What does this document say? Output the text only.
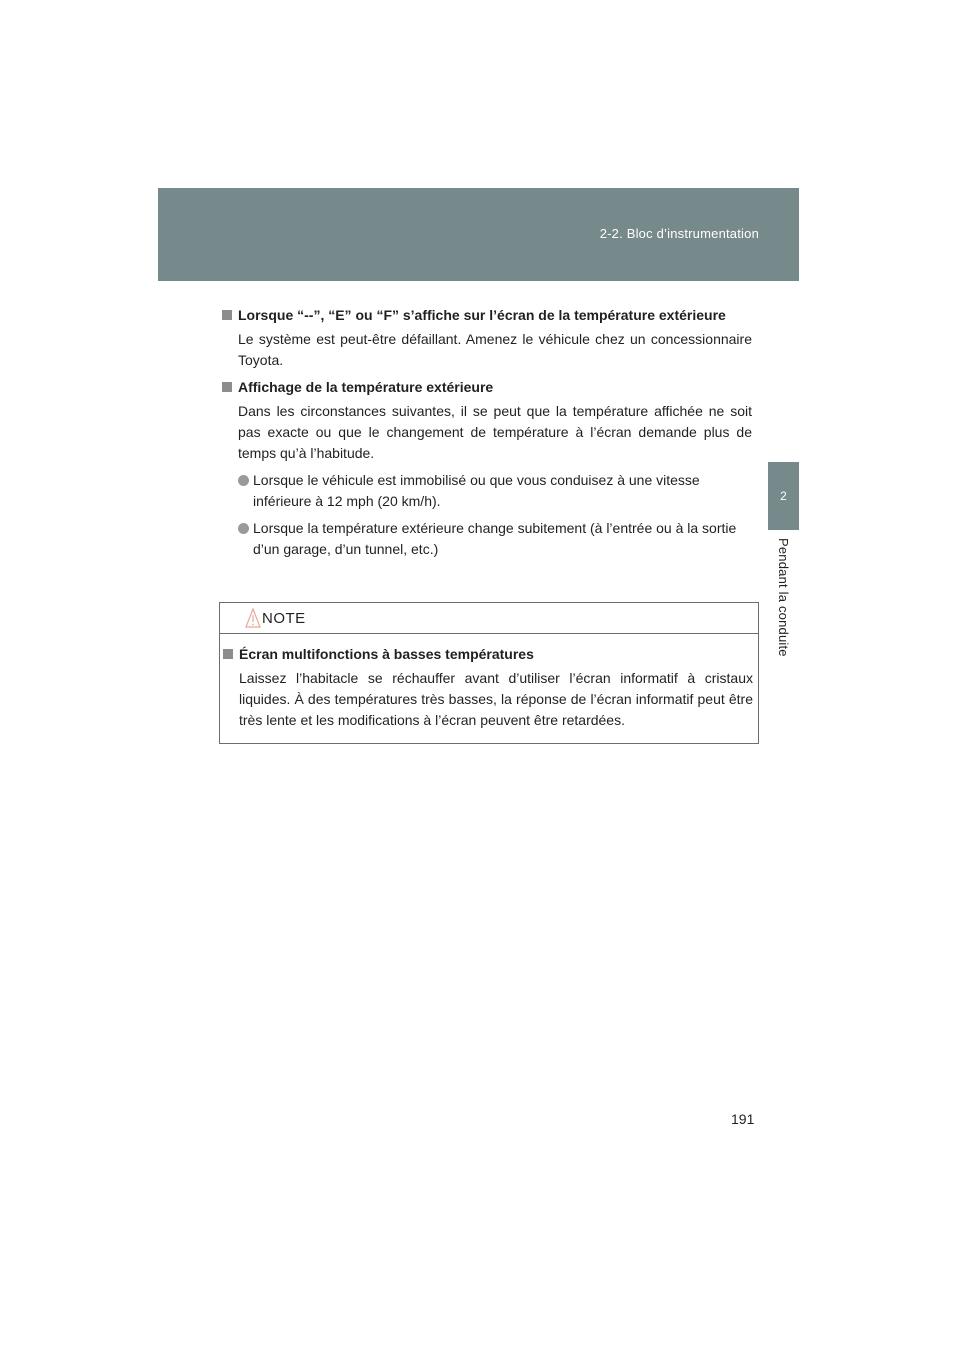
2-2. Bloc d’instrumentation
2
Pendant la conduite
Lorsque “--”, “E” ou “F” s’affiche sur l’écran de la température extérieure
Le système est peut-être défaillant. Amenez le véhicule chez un concessionnaire Toyota.
Affichage de la température extérieure
Dans les circonstances suivantes, il se peut que la température affichée ne soit pas exacte ou que le changement de température à l’écran demande plus de temps qu’à l’habitude.
Lorsque le véhicule est immobilisé ou que vous conduisez à une vitesse inférieure à 12 mph (20 km/h).
Lorsque la température extérieure change subitement (à l’entrée ou à la sortie d’un garage, d’un tunnel, etc.)
NOTE
Écran multifonctions à basses températures
Laissez l’habitacle se réchauffer avant d’utiliser l’écran informatif à cristaux liquides. À des températures très basses, la réponse de l’écran informatif peut être très lente et les modifications à l’écran peuvent être retardées.
191
